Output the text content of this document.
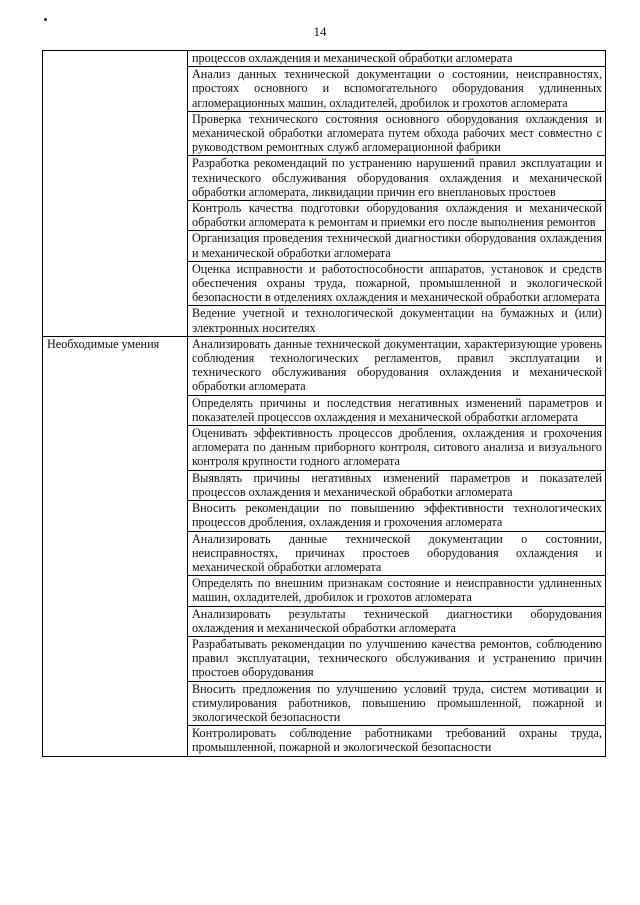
14
	процессов охлаждения и механической обработки агломерата
	Анализ данных технической документации о состоянии, неисправностях, простоях основного и вспомогательного оборудования удлиненных агломерационных машин, охладителей, дробилок и грохотов агломерата
	Проверка технического состояния основного оборудования охлаждения и механической обработки агломерата путем обхода рабочих мест совместно с руководством ремонтных служб агломерационной фабрики
	Разработка рекомендаций по устранению нарушений правил эксплуатации и технического обслуживания оборудования охлаждения и механической обработки агломерата, ликвидации причин его внеплановых простоев
	Контроль качества подготовки оборудования охлаждения и механической обработки агломерата к ремонтам и приемки его после выполнения ремонтов
	Организация проведения технической диагностики оборудования охлаждения и механической обработки агломерата
	Оценка исправности и работоспособности аппаратов, установок и средств обеспечения охраны труда, пожарной, промышленной и экологической безопасности в отделениях охлаждения и механической обработки агломерата
	Ведение учетной и технологической документации на бумажных и (или) электронных носителях
Необходимые умения	Анализировать данные технической документации, характеризующие уровень соблюдения технологических регламентов, правил эксплуатации и технического обслуживания оборудования охлаждения и механической обработки агломерата
	Определять причины и последствия негативных изменений параметров и показателей процессов охлаждения и механической обработки агломерата
	Оценивать эффективность процессов дробления, охлаждения и грохочения агломерата по данным приборного контроля, ситового анализа и визуального контроля крупности годного агломерата
	Выявлять причины негативных изменений параметров и показателей процессов охлаждения и механической обработки агломерата
	Вносить рекомендации по повышению эффективности технологических процессов дробления, охлаждения и грохочения агломерата
	Анализировать данные технической документации о состоянии, неисправностях, причинах простоев оборудования охлаждения и механической обработки агломерата
	Определять по внешним признакам состояние и неисправности удлиненных машин, охладителей, дробилок и грохотов агломерата
	Анализировать результаты технической диагностики оборудования охлаждения и механической обработки агломерата
	Разрабатывать рекомендации по улучшению качества ремонтов, соблюдению правил эксплуатации, технического обслуживания и устранению причин простоев оборудования
	Вносить предложения по улучшению условий труда, систем мотивации и стимулирования работников, повышению промышленной, пожарной и экологической безопасности
	Контролировать соблюдение работниками требований охраны труда, промышленной, пожарной и экологической безопасности
